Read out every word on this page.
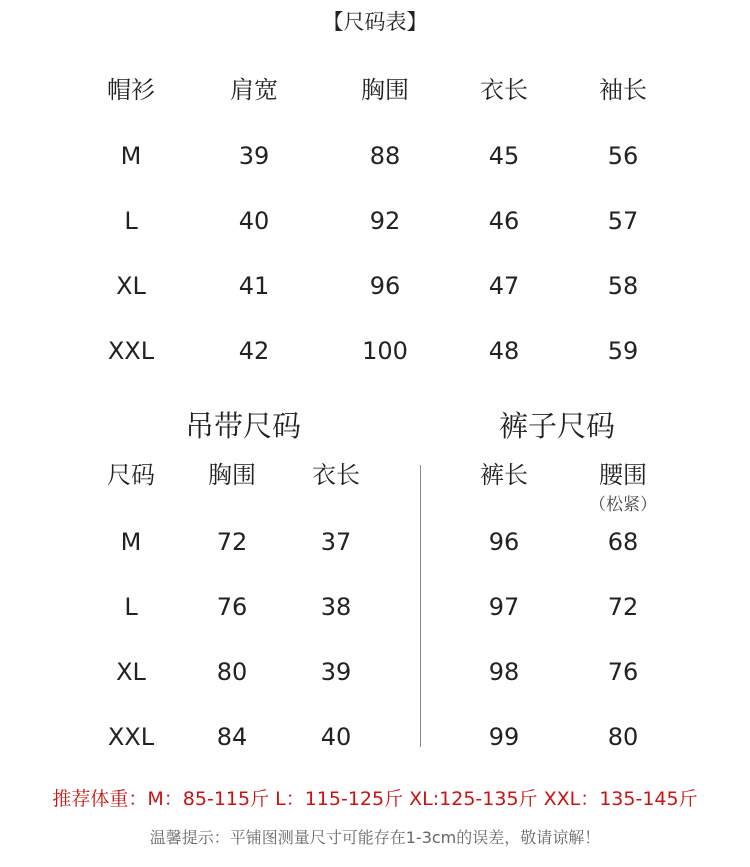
【尺码表】
帽衫	肩宽	胸围	衣长	袖长
M	39	88	45	56
L	40	92	46	57
XL	41	96	47	58
XXL	42	100	48	59
吊带尺码
尺码 胸围 衣长
M	72	37
L	76	38
XL	80	39
XXL	84	40
裤子尺码
裤长	腰围
（松紧）
96	68
97	72
98	76
99	80
推荐体重：M：85-115斤 L：115-125斤 XL:125-135斤 XXL：135-145斤
温馨提示：平铺图测量尺寸可能存在1-3cm的误差，敬请谅解！
